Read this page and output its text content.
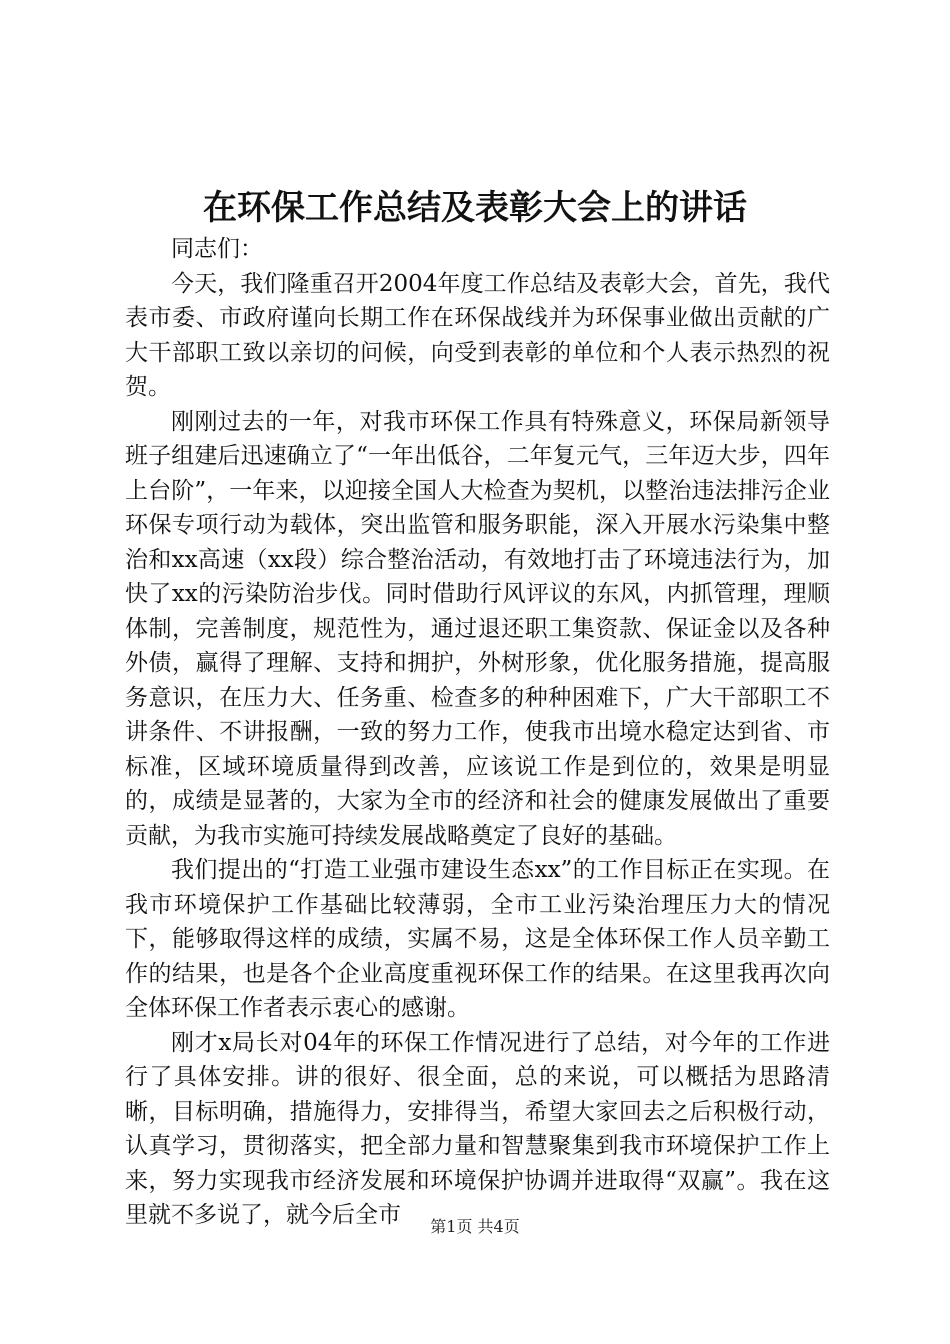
在环保工作总结及表彰大会上的讲话

同志们：

今天，我们隆重召开2004年度工作总结及表彰大会，首先，我代表市委、市政府谨向长期工作在环保战线并为环保事业做出贡献的广大干部职工致以亲切的问候，向受到表彰的单位和个人表示热烈的祝贺。

刚刚过去的一年，对我市环保工作具有特殊意义，环保局新领导班子组建后迅速确立了“一年出低谷，二年复元气，三年迈大步，四年上台阶”，一年来，以迎接全国人大检查为契机，以整治违法排污企业环保专项行动为载体，突出监管和服务职能，深入开展水污染集中整治和xx高速（xx段）综合整治活动，有效地打击了环境违法行为，加快了xx的污染防治步伐。同时借助行风评议的东风，内抓管理，理顺体制，完善制度，规范性为，通过退还职工集资款、保证金以及各种外债，赢得了理解、支持和拥护，外树形象，优化服务措施，提高服务意识，在压力大、任务重、检查多的种种困难下，广大干部职工不讲条件、不讲报酬，一致的努力工作，使我市出境水稳定达到省、市标准，区域环境质量得到改善，应该说工作是到位的，效果是明显的，成绩是显著的，大家为全市的经济和社会的健康发展做出了重要贡献，为我市实施可持续发展战略奠定了良好的基础。

我们提出的“打造工业强市建设生态xx”的工作目标正在实现。在我市环境保护工作基础比较薄弱，全市工业污染治理压力大的情况下，能够取得这样的成绩，实属不易，这是全体环保工作人员辛勤工作的结果，也是各个企业高度重视环保工作的结果。在这里我再次向全体环保工作者表示衷心的感谢。

刚才x局长对04年的环保工作情况进行了总结，对今年的工作进行了具体安排。讲的很好、很全面，总的来说，可以概括为思路清晰，目标明确，措施得力，安排得当，希望大家回去之后积极行动，认真学习，贯彻落实，把全部力量和智慧聚集到我市环境保护工作上来，努力实现我市经济发展和环境保护协调并进取得“双赢”。我在这里就不多说了，就今后全市	第1页 共4页
